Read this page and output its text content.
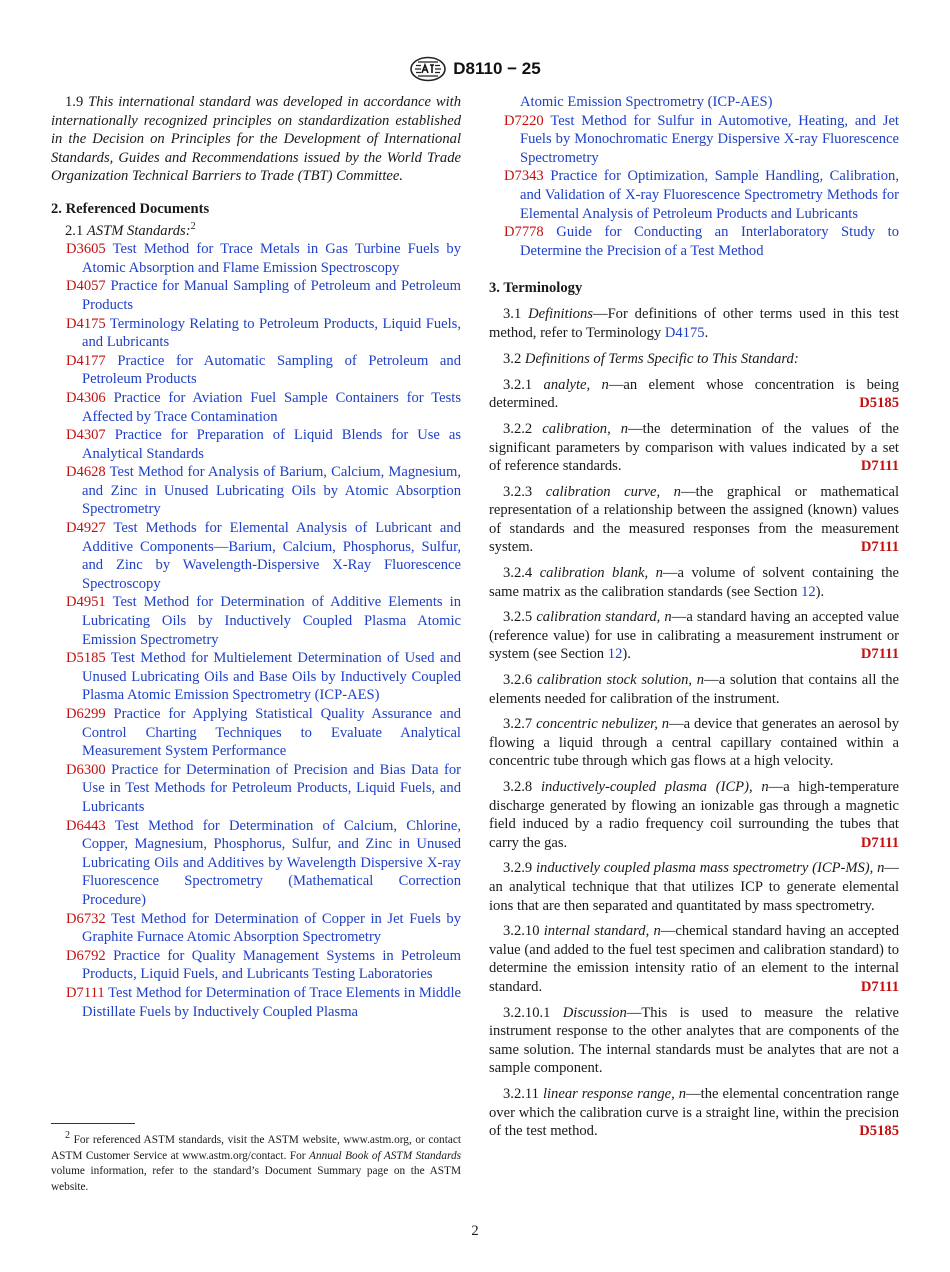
D8110 − 25

1.9 This international standard was developed in accordance with internationally recognized principles on standardization established in the Decision on Principles for the Development of International Standards, Guides and Recommendations issued by the World Trade Organization Technical Barriers to Trade (TBT) Committee.

2. Referenced Documents

2.1 ASTM Standards:$^2$

D3605 Test Method for Trace Metals in Gas Turbine Fuels by Atomic Absorption and Flame Emission Spectroscopy

D4057 Practice for Manual Sampling of Petroleum and Petroleum Products

D4175 Terminology Relating to Petroleum Products, Liquid Fuels, and Lubricants

D4177 Practice for Automatic Sampling of Petroleum and Petroleum Products

D4306 Practice for Aviation Fuel Sample Containers for Tests Affected by Trace Contamination

D4307 Practice for Preparation of Liquid Blends for Use as Analytical Standards

D4628 Test Method for Analysis of Barium, Calcium, Magnesium, and Zinc in Unused Lubricating Oils by Atomic Absorption Spectrometry

D4927 Test Methods for Elemental Analysis of Lubricant and Additive Components—Barium, Calcium, Phosphorus, Sulfur, and Zinc by Wavelength-Dispersive X-Ray Fluorescence Spectroscopy

D4951 Test Method for Determination of Additive Elements in Lubricating Oils by Inductively Coupled Plasma Atomic Emission Spectrometry

D5185 Test Method for Multielement Determination of Used and Unused Lubricating Oils and Base Oils by Inductively Coupled Plasma Atomic Emission Spectrometry (ICP-AES)

D6299 Practice for Applying Statistical Quality Assurance and Control Charting Techniques to Evaluate Analytical Measurement System Performance

D6300 Practice for Determination of Precision and Bias Data for Use in Test Methods for Petroleum Products, Liquid Fuels, and Lubricants

D6443 Test Method for Determination of Calcium, Chlorine, Copper, Magnesium, Phosphorus, Sulfur, and Zinc in Unused Lubricating Oils and Additives by Wavelength Dispersive X-ray Fluorescence Spectrometry (Mathematical Correction Procedure)

D6732 Test Method for Determination of Copper in Jet Fuels by Graphite Furnace Atomic Absorption Spectrometry

D6792 Practice for Quality Management Systems in Petroleum Products, Liquid Fuels, and Lubricants Testing Laboratories

D7111 Test Method for Determination of Trace Elements in Middle Distillate Fuels by Inductively Coupled Plasma

Atomic Emission Spectrometry (ICP-AES)

D7220 Test Method for Sulfur in Automotive, Heating, and Jet Fuels by Monochromatic Energy Dispersive X-ray Fluorescence Spectrometry

D7343 Practice for Optimization, Sample Handling, Calibration, and Validation of X-ray Fluorescence Spectrometry Methods for Elemental Analysis of Petroleum Products and Lubricants

D7778 Guide for Conducting an Interlaboratory Study to Determine the Precision of a Test Method

3. Terminology

3.1 Definitions—For definitions of other terms used in this test method, refer to Terminology D4175.

3.2 Definitions of Terms Specific to This Standard:

3.2.1 analyte, n—an element whose concentration is being determined.	D5185

3.2.2 calibration, n—the determination of the values of the significant parameters by comparison with values indicated by a set of reference standards.	D7111

3.2.3 calibration curve, n—the graphical or mathematical representation of a relationship between the assigned (known) values of standards and the measured responses from the measurement system.	D7111

3.2.4 calibration blank, n—a volume of solvent containing the same matrix as the calibration standards (see Section 12).

3.2.5 calibration standard, n—a standard having an accepted value (reference value) for use in calibrating a measurement instrument or system (see Section 12).	D7111

3.2.6 calibration stock solution, n—a solution that contains all the elements needed for calibration of the instrument.

3.2.7 concentric nebulizer, n—a device that generates an aerosol by flowing a liquid through a central capillary contained within a concentric tube through which gas flows at a high velocity.

3.2.8 inductively-coupled plasma (ICP), n—a high-temperature discharge generated by flowing an ionizable gas through a magnetic field induced by a radio frequency coil surrounding the tubes that carry the gas.	D7111

3.2.9 inductively coupled plasma mass spectrometry (ICP-MS), n—an analytical technique that that utilizes ICP to generate elemental ions that are then separated and quantitated by mass spectrometry.

3.2.10 internal standard, n—chemical standard having an accepted value (and added to the fuel test specimen and calibration standard) to determine the emission intensity ratio of an element to the internal standard.	D7111

3.2.10.1 Discussion—This is used to measure the relative instrument response to the other analytes that are components of the same solution. The internal standards must be analytes that are not a sample component.

3.2.11 linear response range, n—the elemental concentration range over which the calibration curve is a straight line, within the precision of the test method.	D5185

$^2$ For referenced ASTM standards, visit the ASTM website, www.astm.org, or contact ASTM Customer Service at www.astm.org/contact. For Annual Book of ASTM Standards volume information, refer to the standard’s Document Summary page on the ASTM website.

2
